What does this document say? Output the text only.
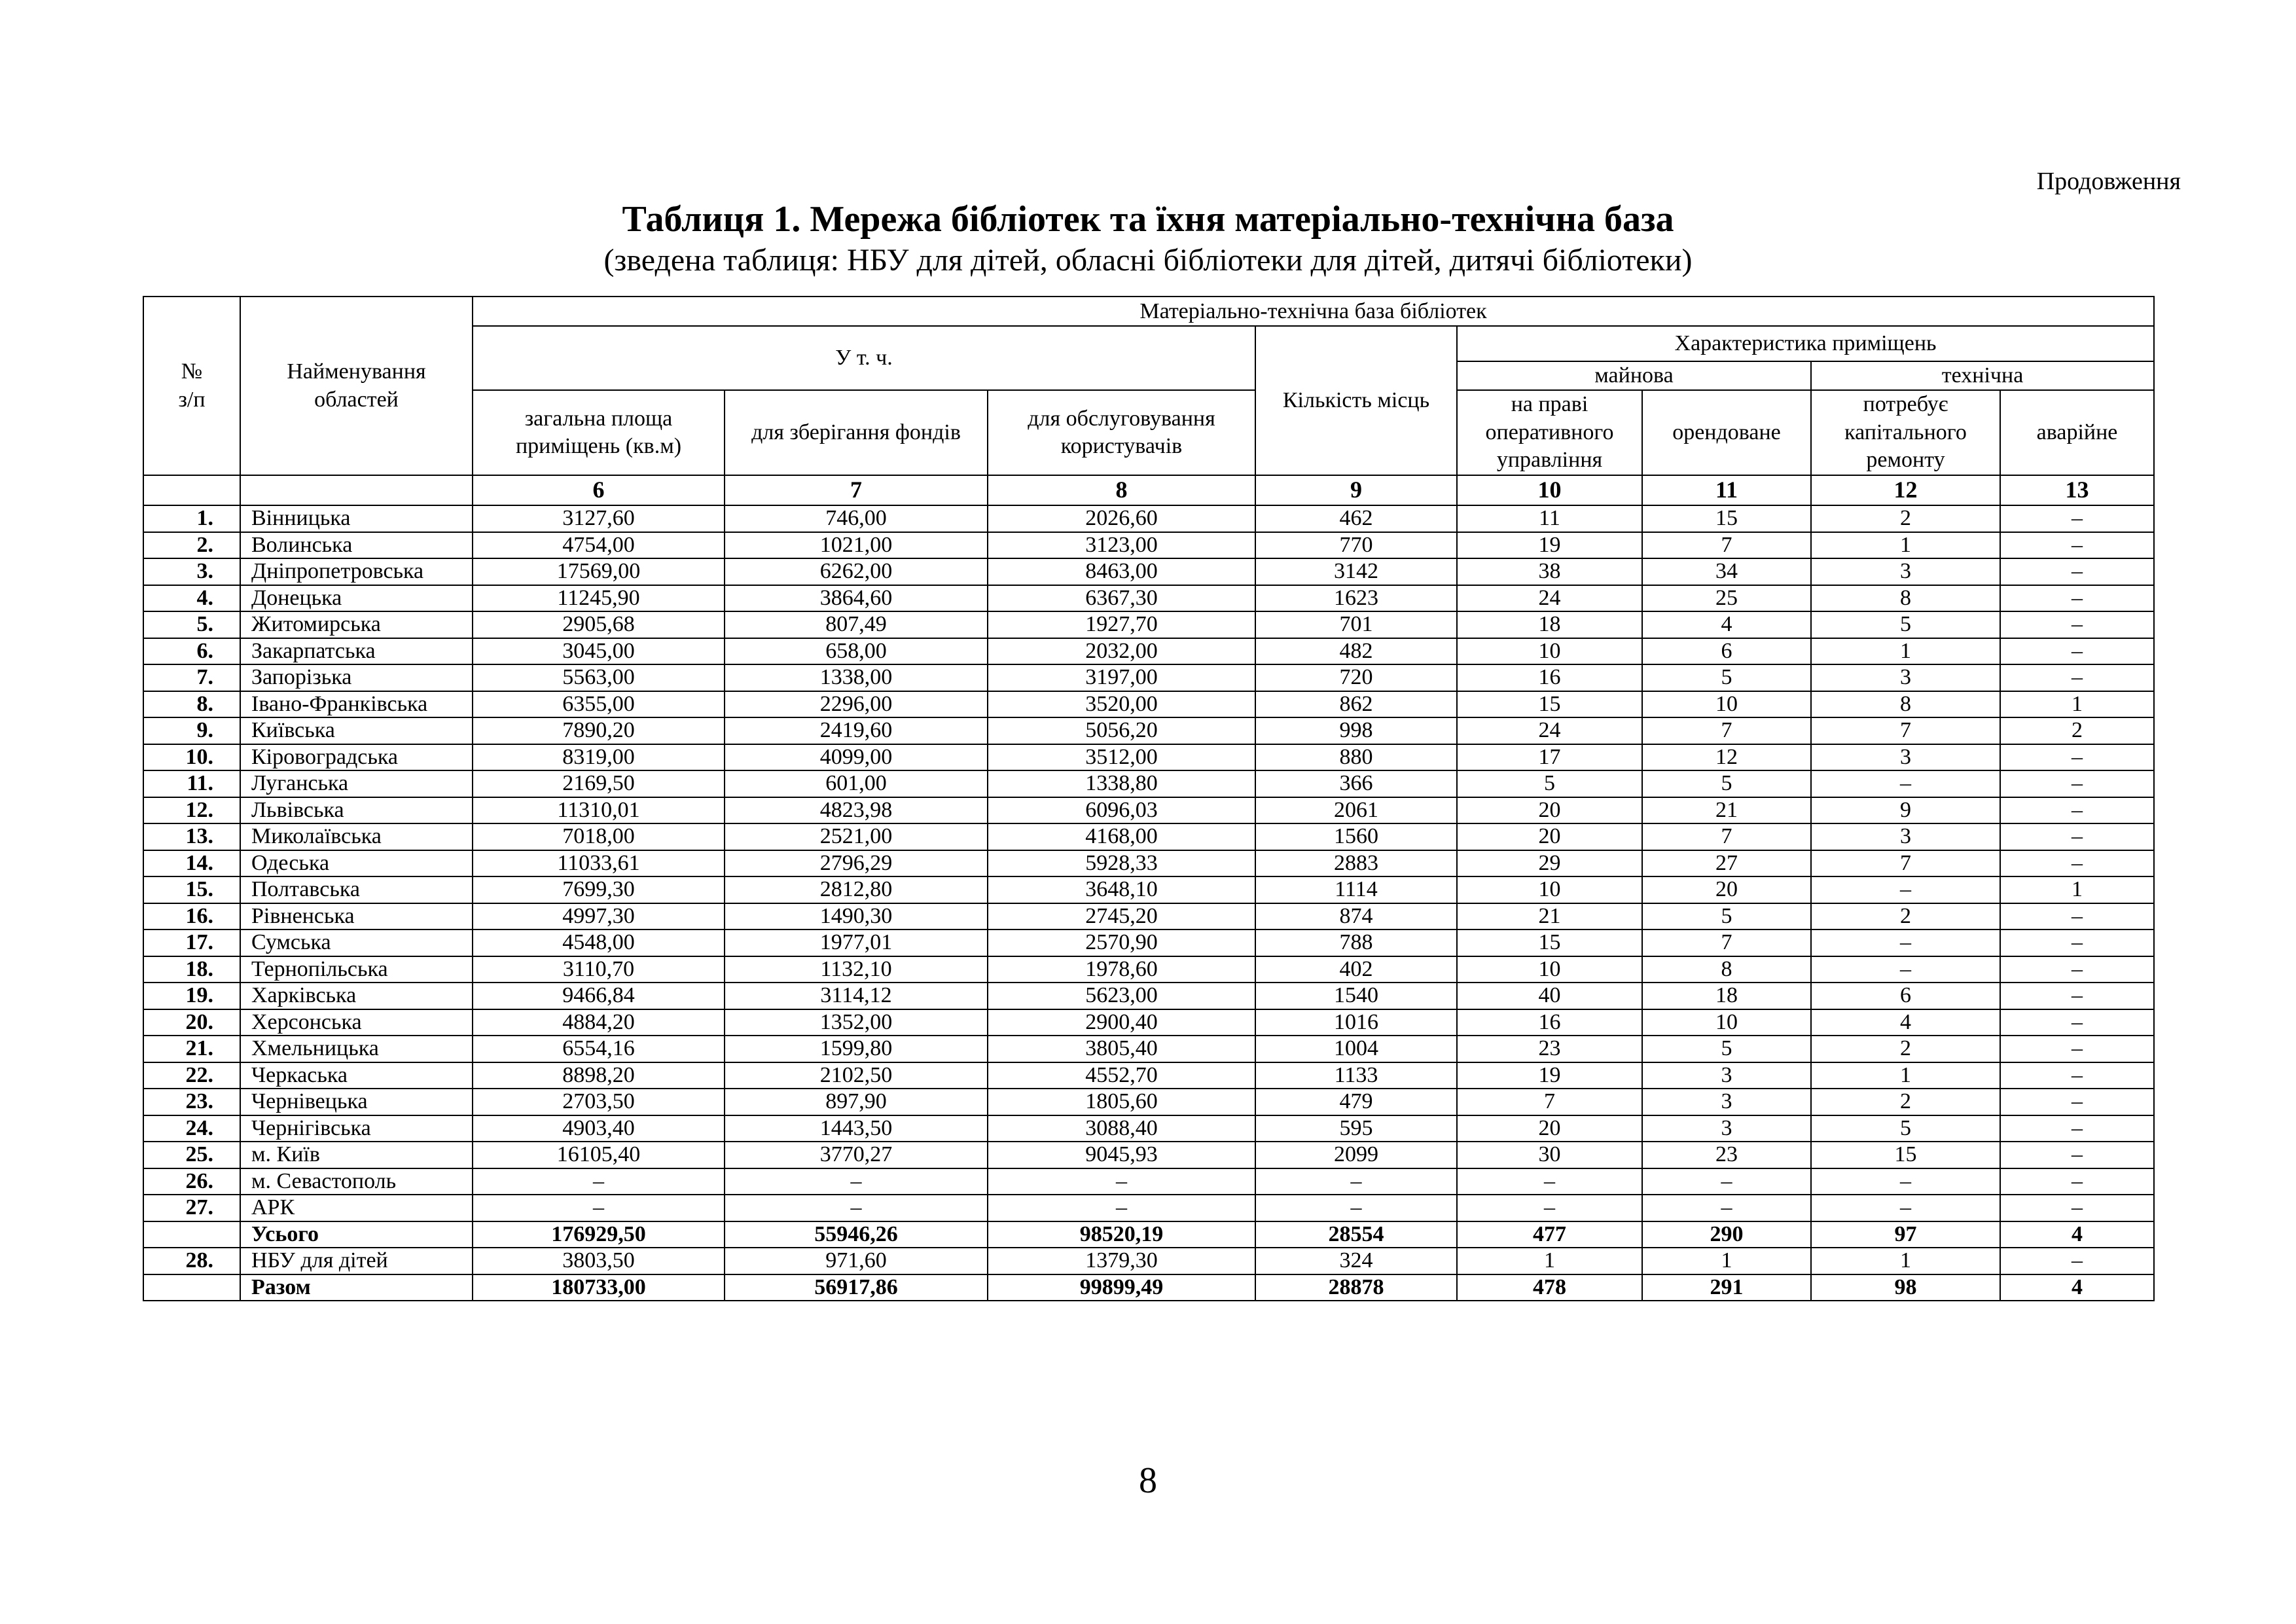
Продовження
Таблиця 1. Мережа бібліотек та їхня матеріально-технічна база
(зведена таблиця: НБУ для дітей, обласні бібліотеки для дітей, дитячі бібліотеки)
№
з/п	Найменування областей	Матеріально-технічна база бібліотек							
		У т. ч.			Кількість місць	Характеристика приміщень			
						майнова		технічна	
		загальна площа приміщень (кв.м)	для зберігання фондів	для обслуговування користувачів		на праві оперативного управління	орендоване	потребує капітального ремонту	аварійне
		6	7	8	9	10	11	12	13
1.	Вінницька	3127,60	746,00	2026,60	462	11	15	2	–
2.	Волинська	4754,00	1021,00	3123,00	770	19	7	1	–
3.	Дніпропетровська	17569,00	6262,00	8463,00	3142	38	34	3	–
4.	Донецька	11245,90	3864,60	6367,30	1623	24	25	8	–
5.	Житомирська	2905,68	807,49	1927,70	701	18	4	5	–
6.	Закарпатська	3045,00	658,00	2032,00	482	10	6	1	–
7.	Запорізька	5563,00	1338,00	3197,00	720	16	5	3	–
8.	Івано-Франківська	6355,00	2296,00	3520,00	862	15	10	8	1
9.	Київська	7890,20	2419,60	5056,20	998	24	7	7	2
10.	Кіровоградська	8319,00	4099,00	3512,00	880	17	12	3	–
11.	Луганська	2169,50	601,00	1338,80	366	5	5	–	–
12.	Львівська	11310,01	4823,98	6096,03	2061	20	21	9	–
13.	Миколаївська	7018,00	2521,00	4168,00	1560	20	7	3	–
14.	Одеська	11033,61	2796,29	5928,33	2883	29	27	7	–
15.	Полтавська	7699,30	2812,80	3648,10	1114	10	20	–	1
16.	Рівненська	4997,30	1490,30	2745,20	874	21	5	2	–
17.	Сумська	4548,00	1977,01	2570,90	788	15	7	–	–
18.	Тернопільська	3110,70	1132,10	1978,60	402	10	8	–	–
19.	Харківська	9466,84	3114,12	5623,00	1540	40	18	6	–
20.	Херсонська	4884,20	1352,00	2900,40	1016	16	10	4	–
21.	Хмельницька	6554,16	1599,80	3805,40	1004	23	5	2	–
22.	Черкаська	8898,20	2102,50	4552,70	1133	19	3	1	–
23.	Чернівецька	2703,50	897,90	1805,60	479	7	3	2	–
24.	Чернігівська	4903,40	1443,50	3088,40	595	20	3	5	–
25.	м. Київ	16105,40	3770,27	9045,93	2099	30	23	15	–
26.	м. Севастополь	–	–	–	–	–	–	–	–
27.	АРК	–	–	–	–	–	–	–	–
	Усього	176929,50	55946,26	98520,19	28554	477	290	97	4
28.	НБУ для дітей	3803,50	971,60	1379,30	324	1	1	1	–
	Разом	180733,00	56917,86	99899,49	28878	478	291	98	4
8
